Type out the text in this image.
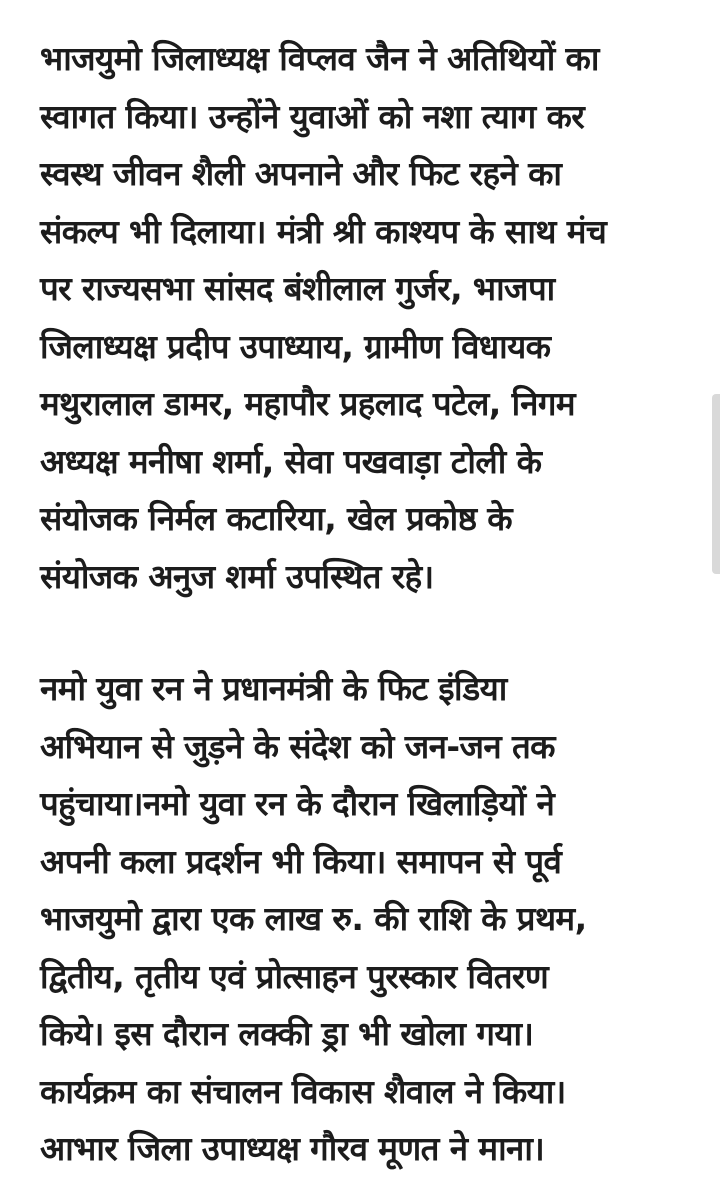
भाजयुमो जिलाध्यक्ष विप्लव जैन ने अतिथियों का
स्वागत किया। उन्होंने युवाओं को नशा त्याग कर
स्वस्थ जीवन शैली अपनाने और फिट रहने का
संकल्प भी दिलाया। मंत्री श्री काश्यप के साथ मंच
पर राज्यसभा सांसद बंशीलाल गुर्जर, भाजपा
जिलाध्यक्ष प्रदीप उपाध्याय, ग्रामीण विधायक
मथुरालाल डामर, महापौर प्रहलाद पटेल, निगम
अध्यक्ष मनीषा शर्मा, सेवा पखवाड़ा टोली के
संयोजक निर्मल कटारिया, खेल प्रकोष्ठ के
संयोजक अनुज शर्मा उपस्थित रहे।

नमो युवा रन ने प्रधानमंत्री के फिट इंडिया
अभियान से जुड़ने के संदेश को जन-जन तक
पहुंचाया।नमो युवा रन के दौरान खिलाड़ियों ने
अपनी कला प्रदर्शन भी किया। समापन से पूर्व
भाजयुमो द्वारा एक लाख रु. की राशि के प्रथम,
द्वितीय, तृतीय एवं प्रोत्साहन पुरस्कार वितरण
किये। इस दौरान लक्की ड्रा भी खोला गया।
कार्यक्रम का संचालन विकास शैवाल ने किया।
आभार जिला उपाध्यक्ष गौरव मूणत ने माना।
